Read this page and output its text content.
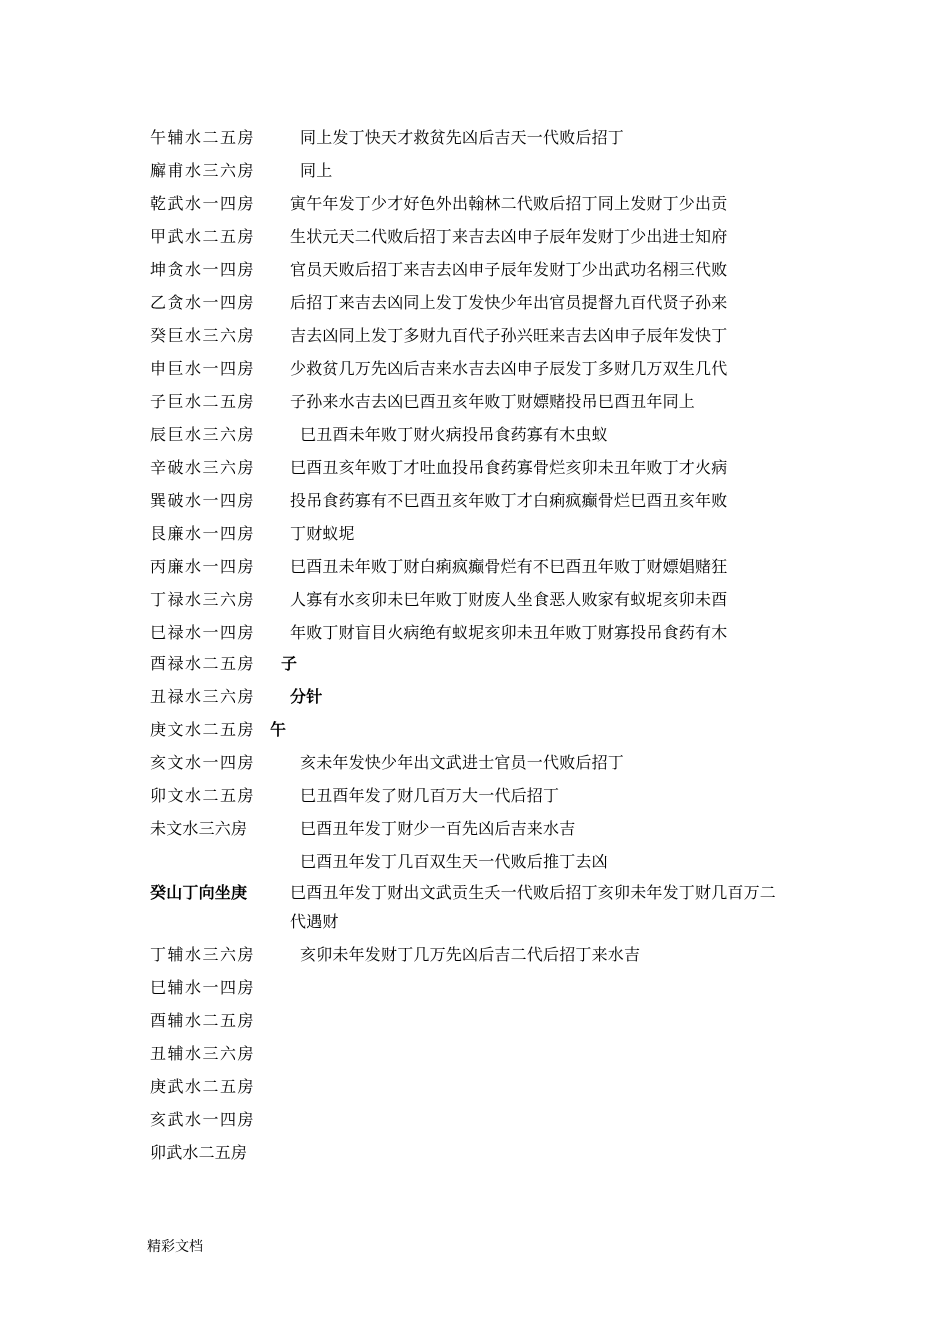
午辅水二五房	同上发丁快天才救贫先凶后吉天一代败后招丁
廨甫水三六房	同上
乾武水一四房 寅午年发丁少才好色外出翰林二代败后招丁同上发财丁少出贡
甲武水二五房 生状元天二代败后招丁来吉去凶申子辰年发财丁少出进士知府
坤贪水一四房 官员天败后招丁来吉去凶申子辰年发财丁少出武功名栩三代败
乙贪水一四房 后招丁来吉去凶同上发丁发快少年出官员提督九百代贤子孙来
癸巨水三六房 吉去凶同上发丁多财九百代子孙兴旺来吉去凶申子辰年发快丁
申巨水一四房 少救贫几万先凶后吉来水吉去凶申子辰发丁多财几万双生几代
子巨水二五房 子孙来水吉去凶巳酉丑亥年败丁财嫖赌投吊巳酉丑年同上
辰巨水三六房	巳丑酉未年败丁财火病投吊食药寡有木虫蚁
辛破水三六房 巳酉丑亥年败丁才吐血投吊食药寡骨烂亥卯未丑年败丁才火病
巽破水一四房 投吊食药寡有不巳酉丑亥年败丁才白痢疯癫骨烂巳酉丑亥年败
艮廉水一四房 丁财蚁坭
丙廉水一四房 巳酉丑未年败丁财白痢疯癫骨烂有不巳酉丑年败丁财嫖娼赌狂
丁禄水三六房 人寡有水亥卯未巳年败丁财废人坐食恶人败家有蚁坭亥卯未酉
巳禄水一四房 年败丁财盲目火病绝有蚁坭亥卯未丑年败丁财寡投吊食药有木
酉禄水二五房 子
丑禄水三六房 分针
庚文水二五房 午
亥文水一四房	亥未年发快少年出文武进士官员一代败后招丁
卯文水二五房	巳丑酉年发了财几百万大一代后招丁
未文水三六房	巳酉丑年发丁财少一百先凶后吉来水吉
巳酉丑年发丁几百双生天一代败后推丁去凶
癸山丁向坐庚	巳酉丑年发丁财出文武贡生夭一代败后招丁亥卯未年发丁财几百万二代遇财
丁辅水三六房	亥卯未年发财丁几万先凶后吉二代后招丁来水吉
巳辅水一四房
酉辅水二五房
丑辅水三六房
庚武水二五房
亥武水一四房
卯武水二五房
精彩文档
